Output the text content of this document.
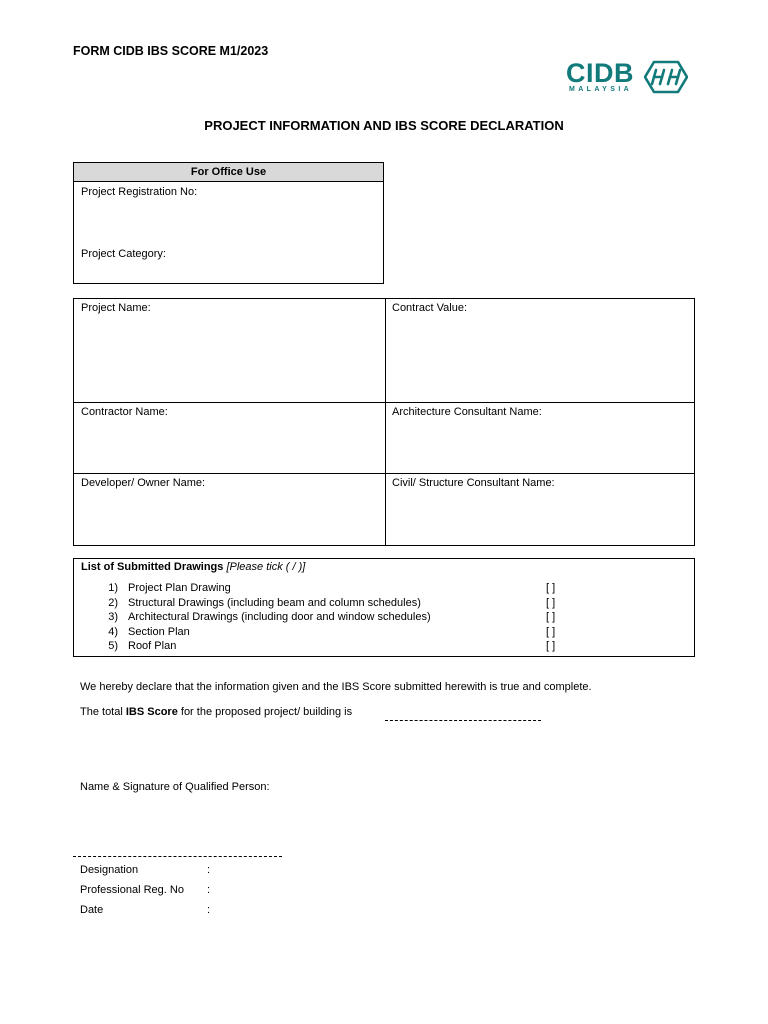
FORM CIDB IBS SCORE M1/2023
CIDB
MALAYSIA
PROJECT INFORMATION AND IBS SCORE DECLARATION
For Office Use
Project Registration No:
Project Category:
Project Name:	Contract Value:
Contractor Name:	Architecture Consultant Name:
Developer/ Owner Name:	Civil/ Structure Consultant Name:
List of Submitted Drawings [Please tick ( / )]
1) Project Plan Drawing	[ ]
2) Structural Drawings (including beam and column schedules)	[ ]
3) Architectural Drawings (including door and window schedules)	[ ]
4) Section Plan	[ ]
5) Roof Plan	[ ]
We hereby declare that the information given and the IBS Score submitted herewith is true and complete.
The total IBS Score for the proposed project/ building is
Name & Signature of Qualified Person:
Designation	:
Professional Reg. No :
Date	:
